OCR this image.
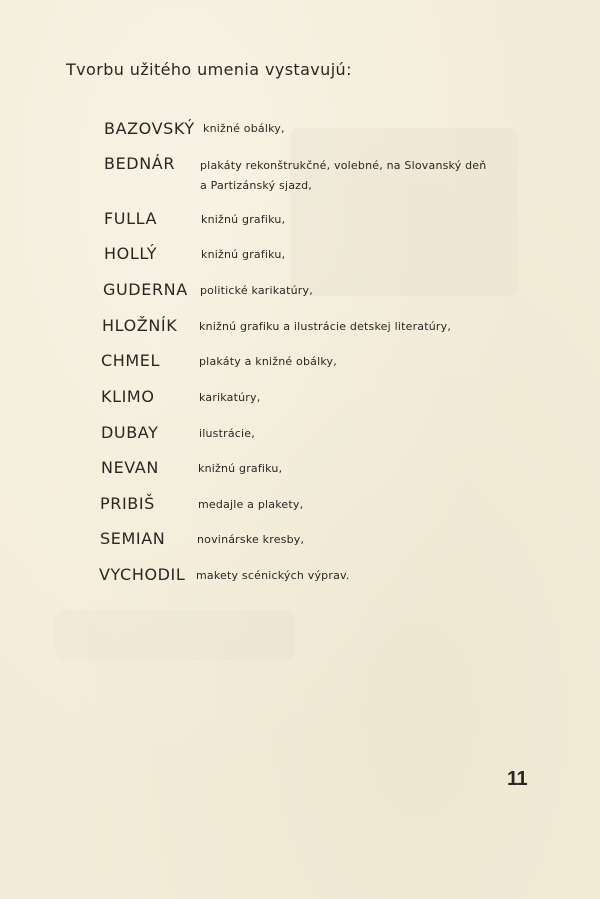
Tvorbu užitého umenia vystavujú:
BAZOVSKÝ knižné obálky,
BEDNÁR plakáty rekonštrukčné, volebné, na Slovanský deň
a Partizánský sjazd,
FULLA	knižnú grafiku,
HOLLÝ	knižnú grafiku,
GUDERNA politické karikatúry,
HLOŽNÍK knižnú grafiku a ilustrácie detskej literatúry,
CHMEL	plakáty a knižné obálky,
KLIMO	karikatúry,
DUBAY	ilustrácie,
NEVAN	knižnú grafiku,
PRIBIŠ	medajle a plakety,
SEMIAN	novinárske kresby,
VYCHODIL makety scénických výprav.
11
